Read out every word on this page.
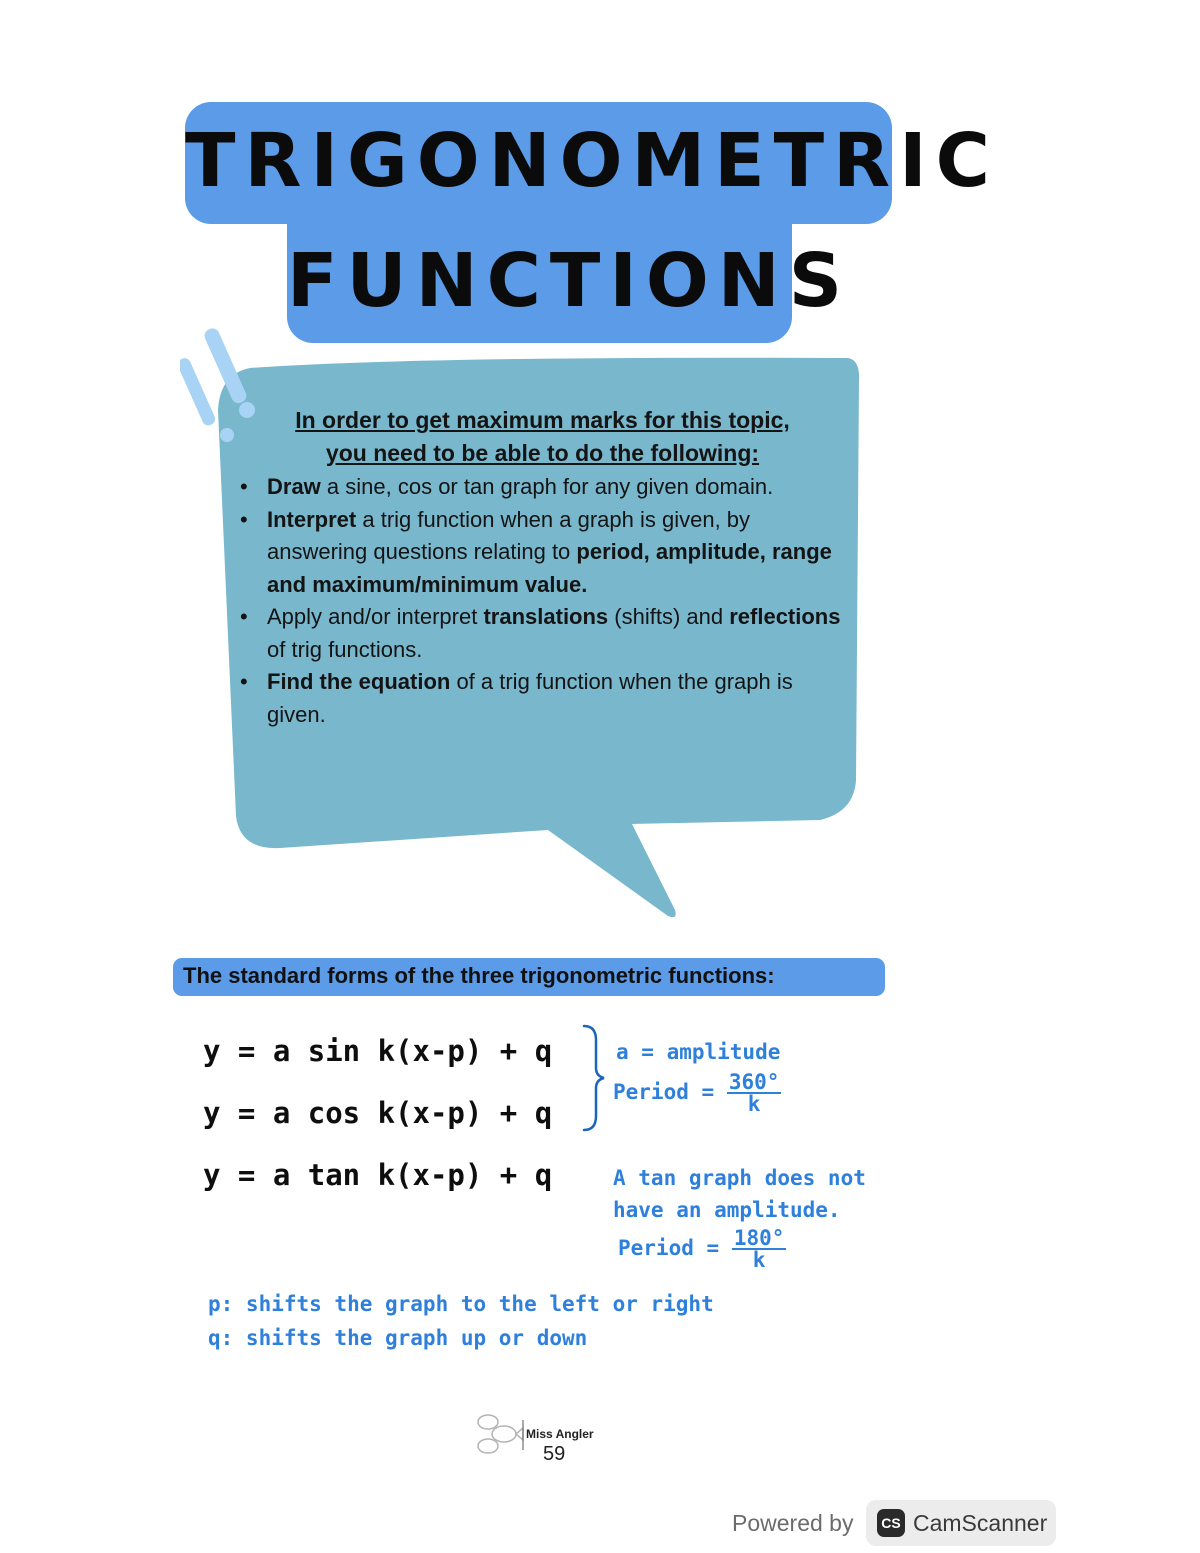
TRIGONOMETRIC
FUNCTIONS
In order to get maximum marks for this topic,
you need to be able to do the following:
• Draw a sine, cos or tan graph for any given domain.
• Interpret a trig function when a graph is given, by answering questions relating to period, amplitude, range and maximum/minimum value.
• Apply and/or interpret translations (shifts) and reflections of trig functions.
• Find the equation of a trig function when the graph is given.
The standard forms of the three trigonometric functions:
y = a sin k(x-p) + q
y = a cos k(x-p) + q
y = a tan k(x-p) + q
a = amplitude
Period = $\frac{360^\circ}{k}$
A tan graph does not
have an amplitude.
Period = $\frac{180^\circ}{k}$
p: shifts the graph to the left or right
q: shifts the graph up or down
Miss Angler
59
Powered by	CS CamScanner
